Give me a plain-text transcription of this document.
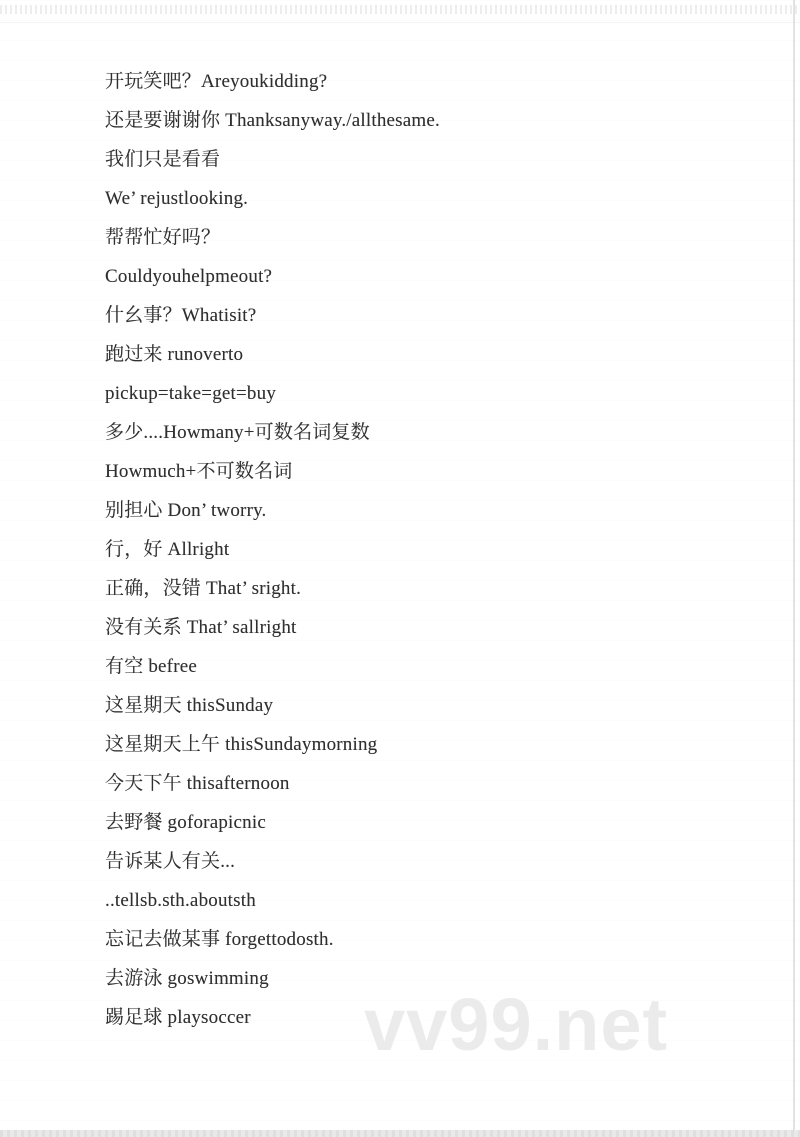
开玩笑吧？Areyoukidding?

还是要谢谢你 Thanksanyway./allthesame.

我们只是看看

We’ rejustlooking.

帮帮忙好吗？

Couldyouhelpmeout?

什幺事？Whatisit?

跑过来 runoverto

pickup=take=get=buy

多少....Howmany+可数名词复数

Howmuch+不可数名词

别担心 Don’ tworry.

行，好 Allright

正确，没错 That’ sright.

没有关系 That’ sallright

有空 befree

这星期天 thisSunday

这星期天上午 thisSundaymorning

今天下午 thisafternoon

去野餐 goforapicnic

告诉某人有关...

..tellsb.sth.aboutsth

忘记去做某事 forgettodosth.

去游泳 goswimming

踢足球 playsoccer	vv99.net
